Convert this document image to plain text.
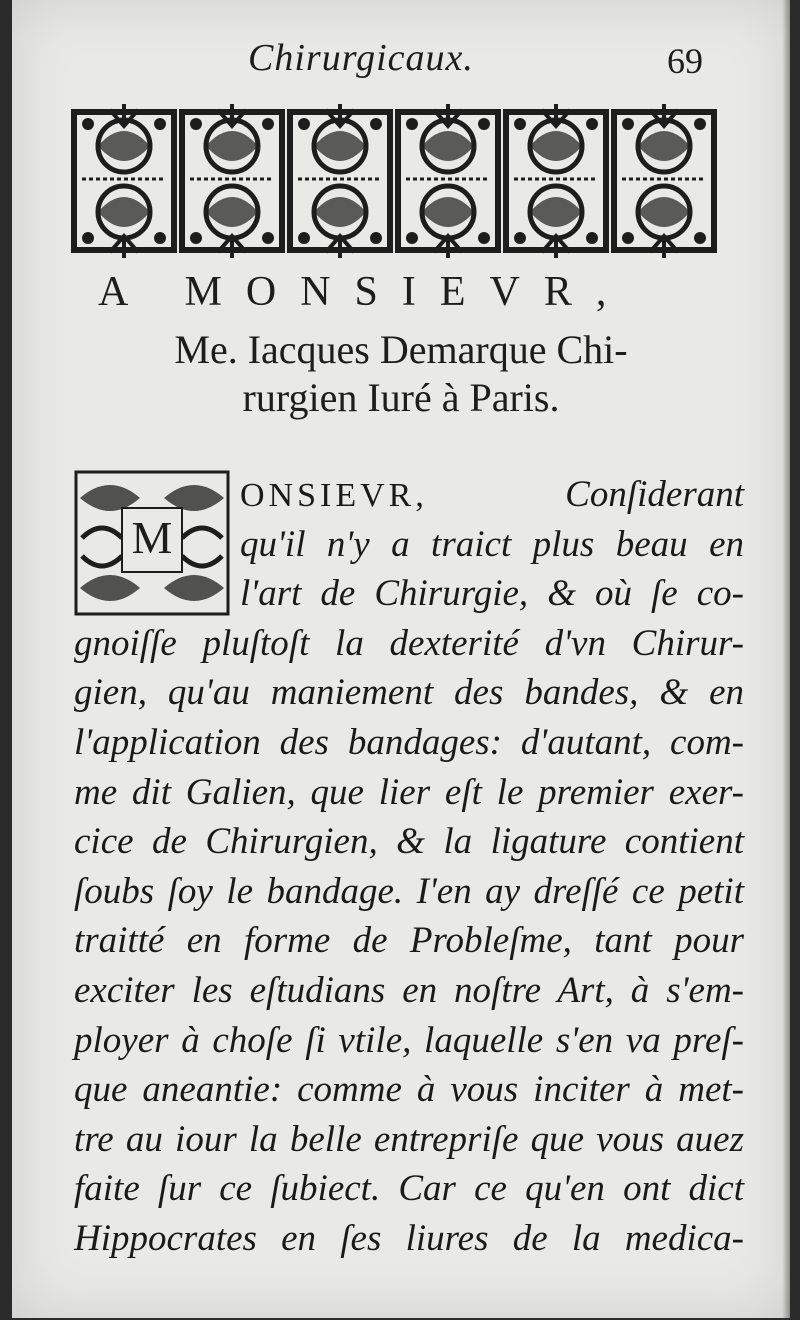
Chirurgicaux.	69
A MONSIEVR,
Me. Iacques Demarque Chi-
rurgien Iuré à Paris.
M
ONSIEVR,	Conſiderant
qu'il n'y a traict plus beau en
l'art de Chirurgie, & où ſe co-
gnoiſſe pluſtoſt la dexterité d'vn Chirur-
gien, qu'au maniement des bandes, & en
l'application des bandages: d'autant, com-
me dit Galien, que lier eſt le premier exer-
cice de Chirurgien, & la ligature contient
ſoubs ſoy le bandage. I'en ay dreſſé ce petit
traitté en forme de Probleſme, tant pour
exciter les eſtudians en noſtre Art, à s'em-
ployer à choſe ſi vtile, laquelle s'en va preſ-
que aneantie: comme à vous inciter à met-
tre au iour la belle entrepriſe que vous auez
faite ſur ce ſubiect. Car ce qu'en ont dict
Hippocrates en ſes liures de la medica-
